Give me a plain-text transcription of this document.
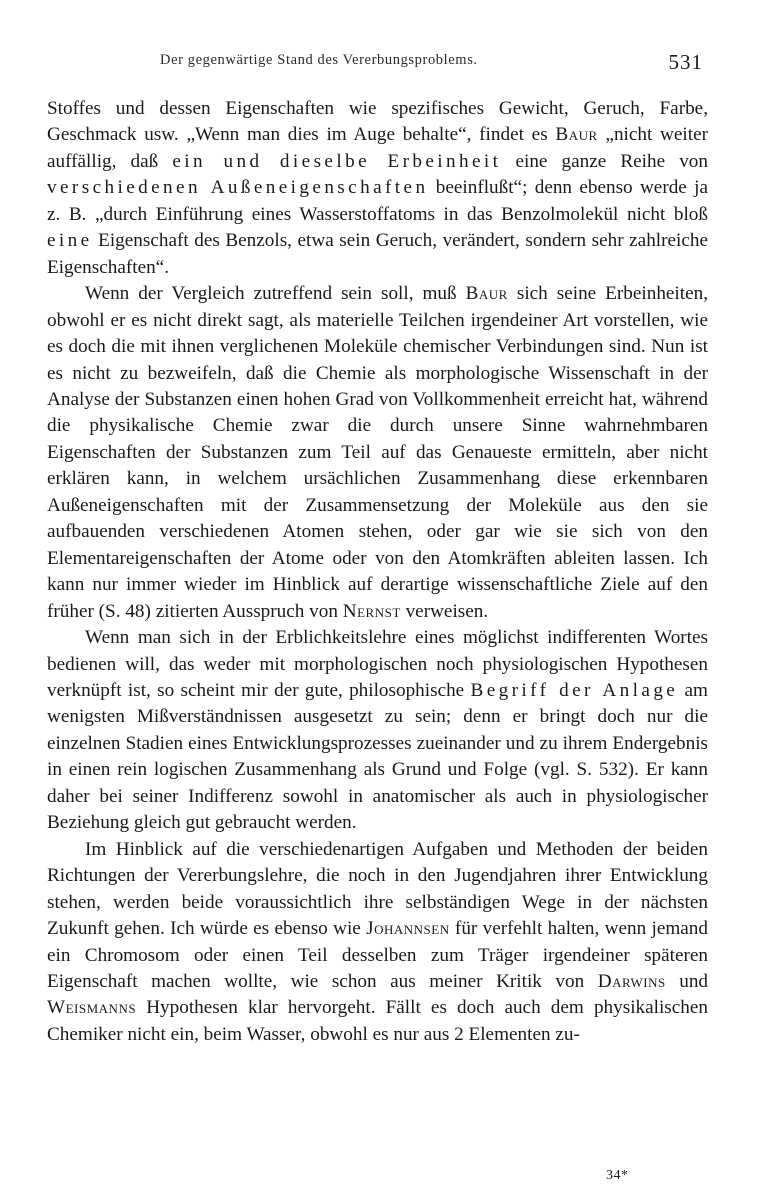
Der gegenwärtige Stand des Vererbungsproblems.	531

Stoffes und dessen Eigenschaften wie spezifisches Gewicht, Geruch, Farbe, Geschmack usw. „Wenn man dies im Auge behalte“, findet es Baur „nicht weiter auffällig, daß ein und dieselbe Erbeinheit eine ganze Reihe von verschiedenen Außeneigenschaften beeinflußt“; denn ebenso werde ja z. B. „durch Einführung eines Wasserstoffatoms in das Benzolmolekül nicht bloß eine Eigenschaft des Benzols, etwa sein Geruch, verändert, sondern sehr zahlreiche Eigenschaften“.

Wenn der Vergleich zutreffend sein soll, muß Baur sich seine Erbeinheiten, obwohl er es nicht direkt sagt, als materielle Teilchen irgendeiner Art vorstellen, wie es doch die mit ihnen verglichenen Moleküle chemischer Verbindungen sind. Nun ist es nicht zu bezweifeln, daß die Chemie als morphologische Wissenschaft in der Analyse der Substanzen einen hohen Grad von Vollkommenheit erreicht hat, während die physikalische Chemie zwar die durch unsere Sinne wahrnehmbaren Eigenschaften der Substanzen zum Teil auf das Genaueste ermitteln, aber nicht erklären kann, in welchem ursächlichen Zusammenhang diese erkennbaren Außeneigenschaften mit der Zusammensetzung der Moleküle aus den sie aufbauenden verschiedenen Atomen stehen, oder gar wie sie sich von den Elementareigenschaften der Atome oder von den Atomkräften ableiten lassen. Ich kann nur immer wieder im Hinblick auf derartige wissenschaftliche Ziele auf den früher (S. 48) zitierten Ausspruch von Nernst verweisen.

Wenn man sich in der Erblichkeitslehre eines möglichst indifferenten Wortes bedienen will, das weder mit morphologischen noch physiologischen Hypothesen verknüpft ist, so scheint mir der gute, philosophische Begriff der Anlage am wenigsten Mißverständnissen ausgesetzt zu sein; denn er bringt doch nur die einzelnen Stadien eines Entwicklungsprozesses zueinander und zu ihrem Endergebnis in einen rein logischen Zusammenhang als Grund und Folge (vgl. S. 532). Er kann daher bei seiner Indifferenz sowohl in anatomischer als auch in physiologischer Beziehung gleich gut gebraucht werden.

Im Hinblick auf die verschiedenartigen Aufgaben und Methoden der beiden Richtungen der Vererbungslehre, die noch in den Jugendjahren ihrer Entwicklung stehen, werden beide voraussichtlich ihre selbständigen Wege in der nächsten Zukunft gehen. Ich würde es ebenso wie Johannsen für verfehlt halten, wenn jemand ein Chromosom oder einen Teil desselben zum Träger irgendeiner späteren Eigenschaft machen wollte, wie schon aus meiner Kritik von Darwins und Weismanns Hypothesen klar hervorgeht. Fällt es doch auch dem physikalischen Chemiker nicht ein, beim Wasser, obwohl es nur aus 2 Elementen zu-

34*
